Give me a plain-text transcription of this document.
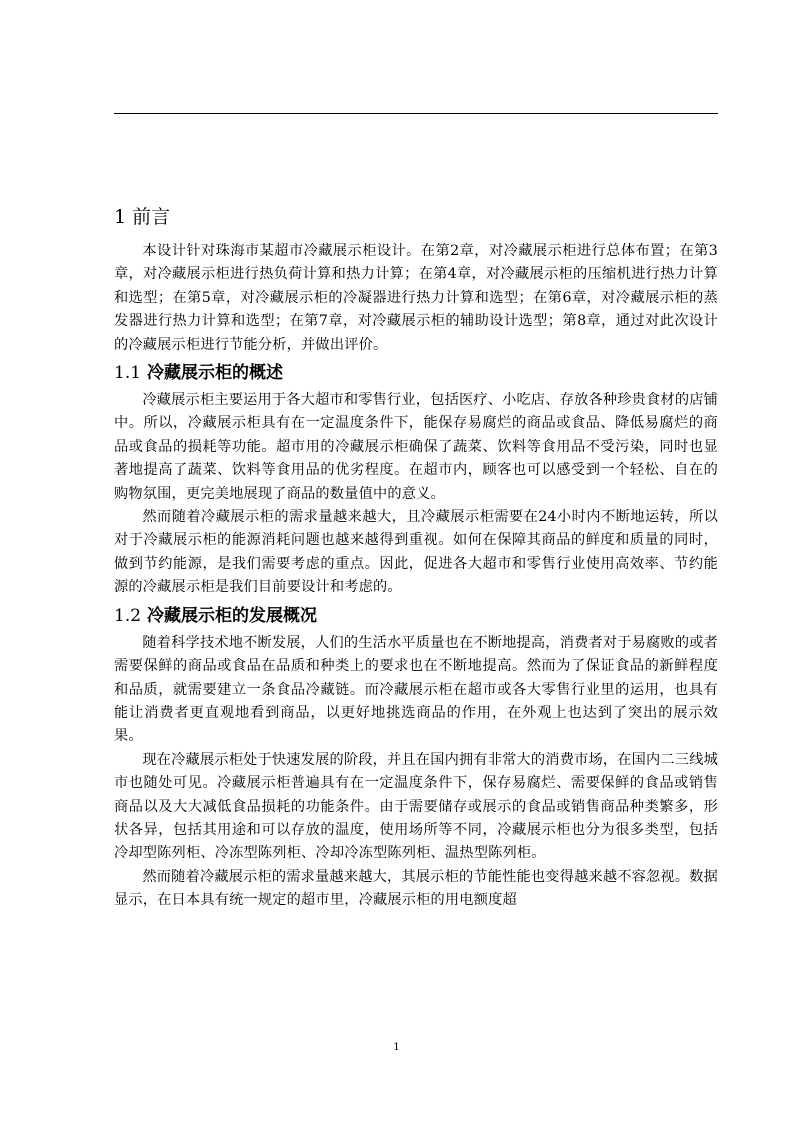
1 前言

本设计针对珠海市某超市冷藏展示柜设计。在第2章，对冷藏展示柜进行总体布置；在第3章，对冷藏展示柜进行热负荷计算和热力计算；在第4章，对冷藏展示柜的压缩机进行热力计算和选型；在第5章，对冷藏展示柜的冷凝器进行热力计算和选型；在第6章，对冷藏展示柜的蒸发器进行热力计算和选型；在第7章，对冷藏展示柜的辅助设计选型；第8章，通过对此次设计的冷藏展示柜进行节能分析，并做出评价。

1.1 冷藏展示柜的概述

冷藏展示柜主要运用于各大超市和零售行业，包括医疗、小吃店、存放各种珍贵食材的店铺中。所以，冷藏展示柜具有在一定温度条件下，能保存易腐烂的商品或食品、降低易腐烂的商品或食品的损耗等功能。超市用的冷藏展示柜确保了蔬菜、饮料等食用品不受污染，同时也显著地提高了蔬菜、饮料等食用品的优劣程度。在超市内，顾客也可以感受到一个轻松、自在的购物氛围，更完美地展现了商品的数量值中的意义。

然而随着冷藏展示柜的需求量越来越大，且冷藏展示柜需要在24小时内不断地运转，所以对于冷藏展示柜的能源消耗问题也越来越得到重视。如何在保障其商品的鲜度和质量的同时，做到节约能源，是我们需要考虑的重点。因此，促进各大超市和零售行业使用高效率、节约能源的冷藏展示柜是我们目前要设计和考虑的。

1.2 冷藏展示柜的发展概况

随着科学技术地不断发展，人们的生活水平质量也在不断地提高，消费者对于易腐败的或者需要保鲜的商品或食品在品质和种类上的要求也在不断地提高。然而为了保证食品的新鲜程度和品质，就需要建立一条食品冷藏链。而冷藏展示柜在超市或各大零售行业里的运用，也具有能让消费者更直观地看到商品，以更好地挑选商品的作用，在外观上也达到了突出的展示效果。

现在冷藏展示柜处于快速发展的阶段，并且在国内拥有非常大的消费市场，在国内二三线城市也随处可见。冷藏展示柜普遍具有在一定温度条件下，保存易腐烂、需要保鲜的食品或销售商品以及大大减低食品损耗的功能条件。由于需要储存或展示的食品或销售商品种类繁多，形状各异，包括其用途和可以存放的温度，使用场所等不同，冷藏展示柜也分为很多类型，包括冷却型陈列柜、冷冻型陈列柜、冷却冷冻型陈列柜、温热型陈列柜。

然而随着冷藏展示柜的需求量越来越大，其展示柜的节能性能也变得越来越不容忽视。数据显示，在日本具有统一规定的超市里，冷藏展示柜的用电额度超

1
